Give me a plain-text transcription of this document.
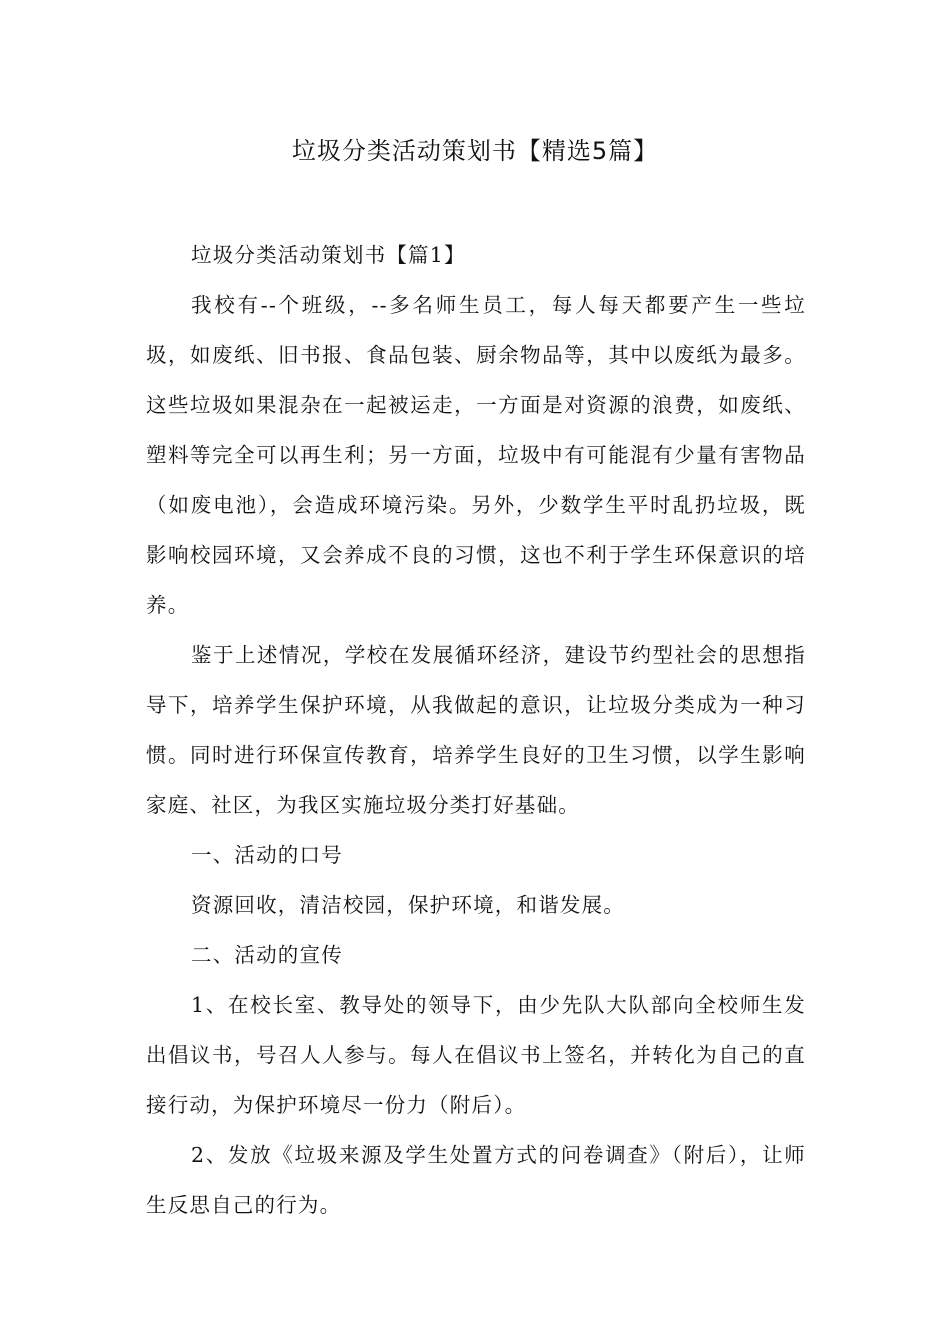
垃圾分类活动策划书【精选5篇】

垃圾分类活动策划书【篇1】

我校有--个班级，--多名师生员工，每人每天都要产生一些垃圾，如废纸、旧书报、食品包装、厨余物品等，其中以废纸为最多。这些垃圾如果混杂在一起被运走，一方面是对资源的浪费，如废纸、塑料等完全可以再生利；另一方面，垃圾中有可能混有少量有害物品（如废电池），会造成环境污染。另外，少数学生平时乱扔垃圾，既影响校园环境，又会养成不良的习惯，这也不利于学生环保意识的培养。

鉴于上述情况，学校在发展循环经济，建设节约型社会的思想指导下，培养学生保护环境，从我做起的意识，让垃圾分类成为一种习惯。同时进行环保宣传教育，培养学生良好的卫生习惯，以学生影响家庭、社区，为我区实施垃圾分类打好基础。

一、活动的口号

资源回收，清洁校园，保护环境，和谐发展。

二、活动的宣传

1、在校长室、教导处的领导下，由少先队大队部向全校师生发出倡议书，号召人人参与。每人在倡议书上签名，并转化为自己的直接行动，为保护环境尽一份力（附后）。

2、发放《垃圾来源及学生处置方式的问卷调查》（附后），让师生反思自己的行为。
